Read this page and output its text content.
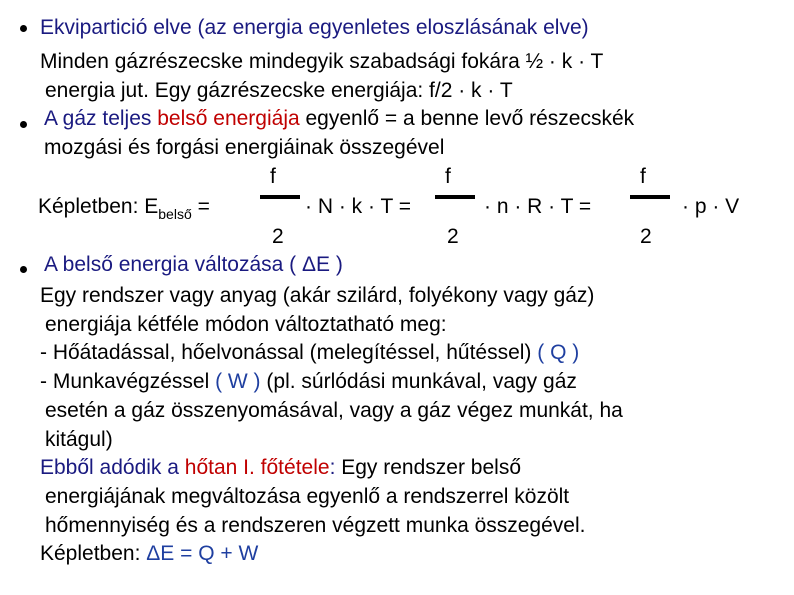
Ekvipartició elve (az energia egyenletes eloszlásának elve)
Minden gázrészecske mindegyik szabadsági fokára ½ · k · T
energia jut. Egy gázrészecske energiája: f/2 · k · T
A gáz teljes belső energiája egyenlő = a benne levő részecskék
mozgási és forgási energiáinak összegével
f	f	f
Képletben: $E_{belső}$ =	· N · k · T =	· n · R · T =	· p · V
2	2	2
A belső energia változása ( ΔE )
Egy rendszer vagy anyag (akár szilárd, folyékony vagy gáz)
energiája kétféle módon változtatható meg:
- Hőátadással, hőelvonással (melegítéssel, hűtéssel) ( Q )
- Munkavégzéssel ( W ) (pl. súrlódási munkával, vagy gáz
esetén a gáz összenyomásával, vagy a gáz végez munkát, ha
kitágul)
Ebből adódik a hőtan I. főtétele: Egy rendszer belső
energiájának megváltozása egyenlő a rendszerrel közölt
hőmennyiség és a rendszeren végzett munka összegével.
Képletben: ΔE = Q + W
